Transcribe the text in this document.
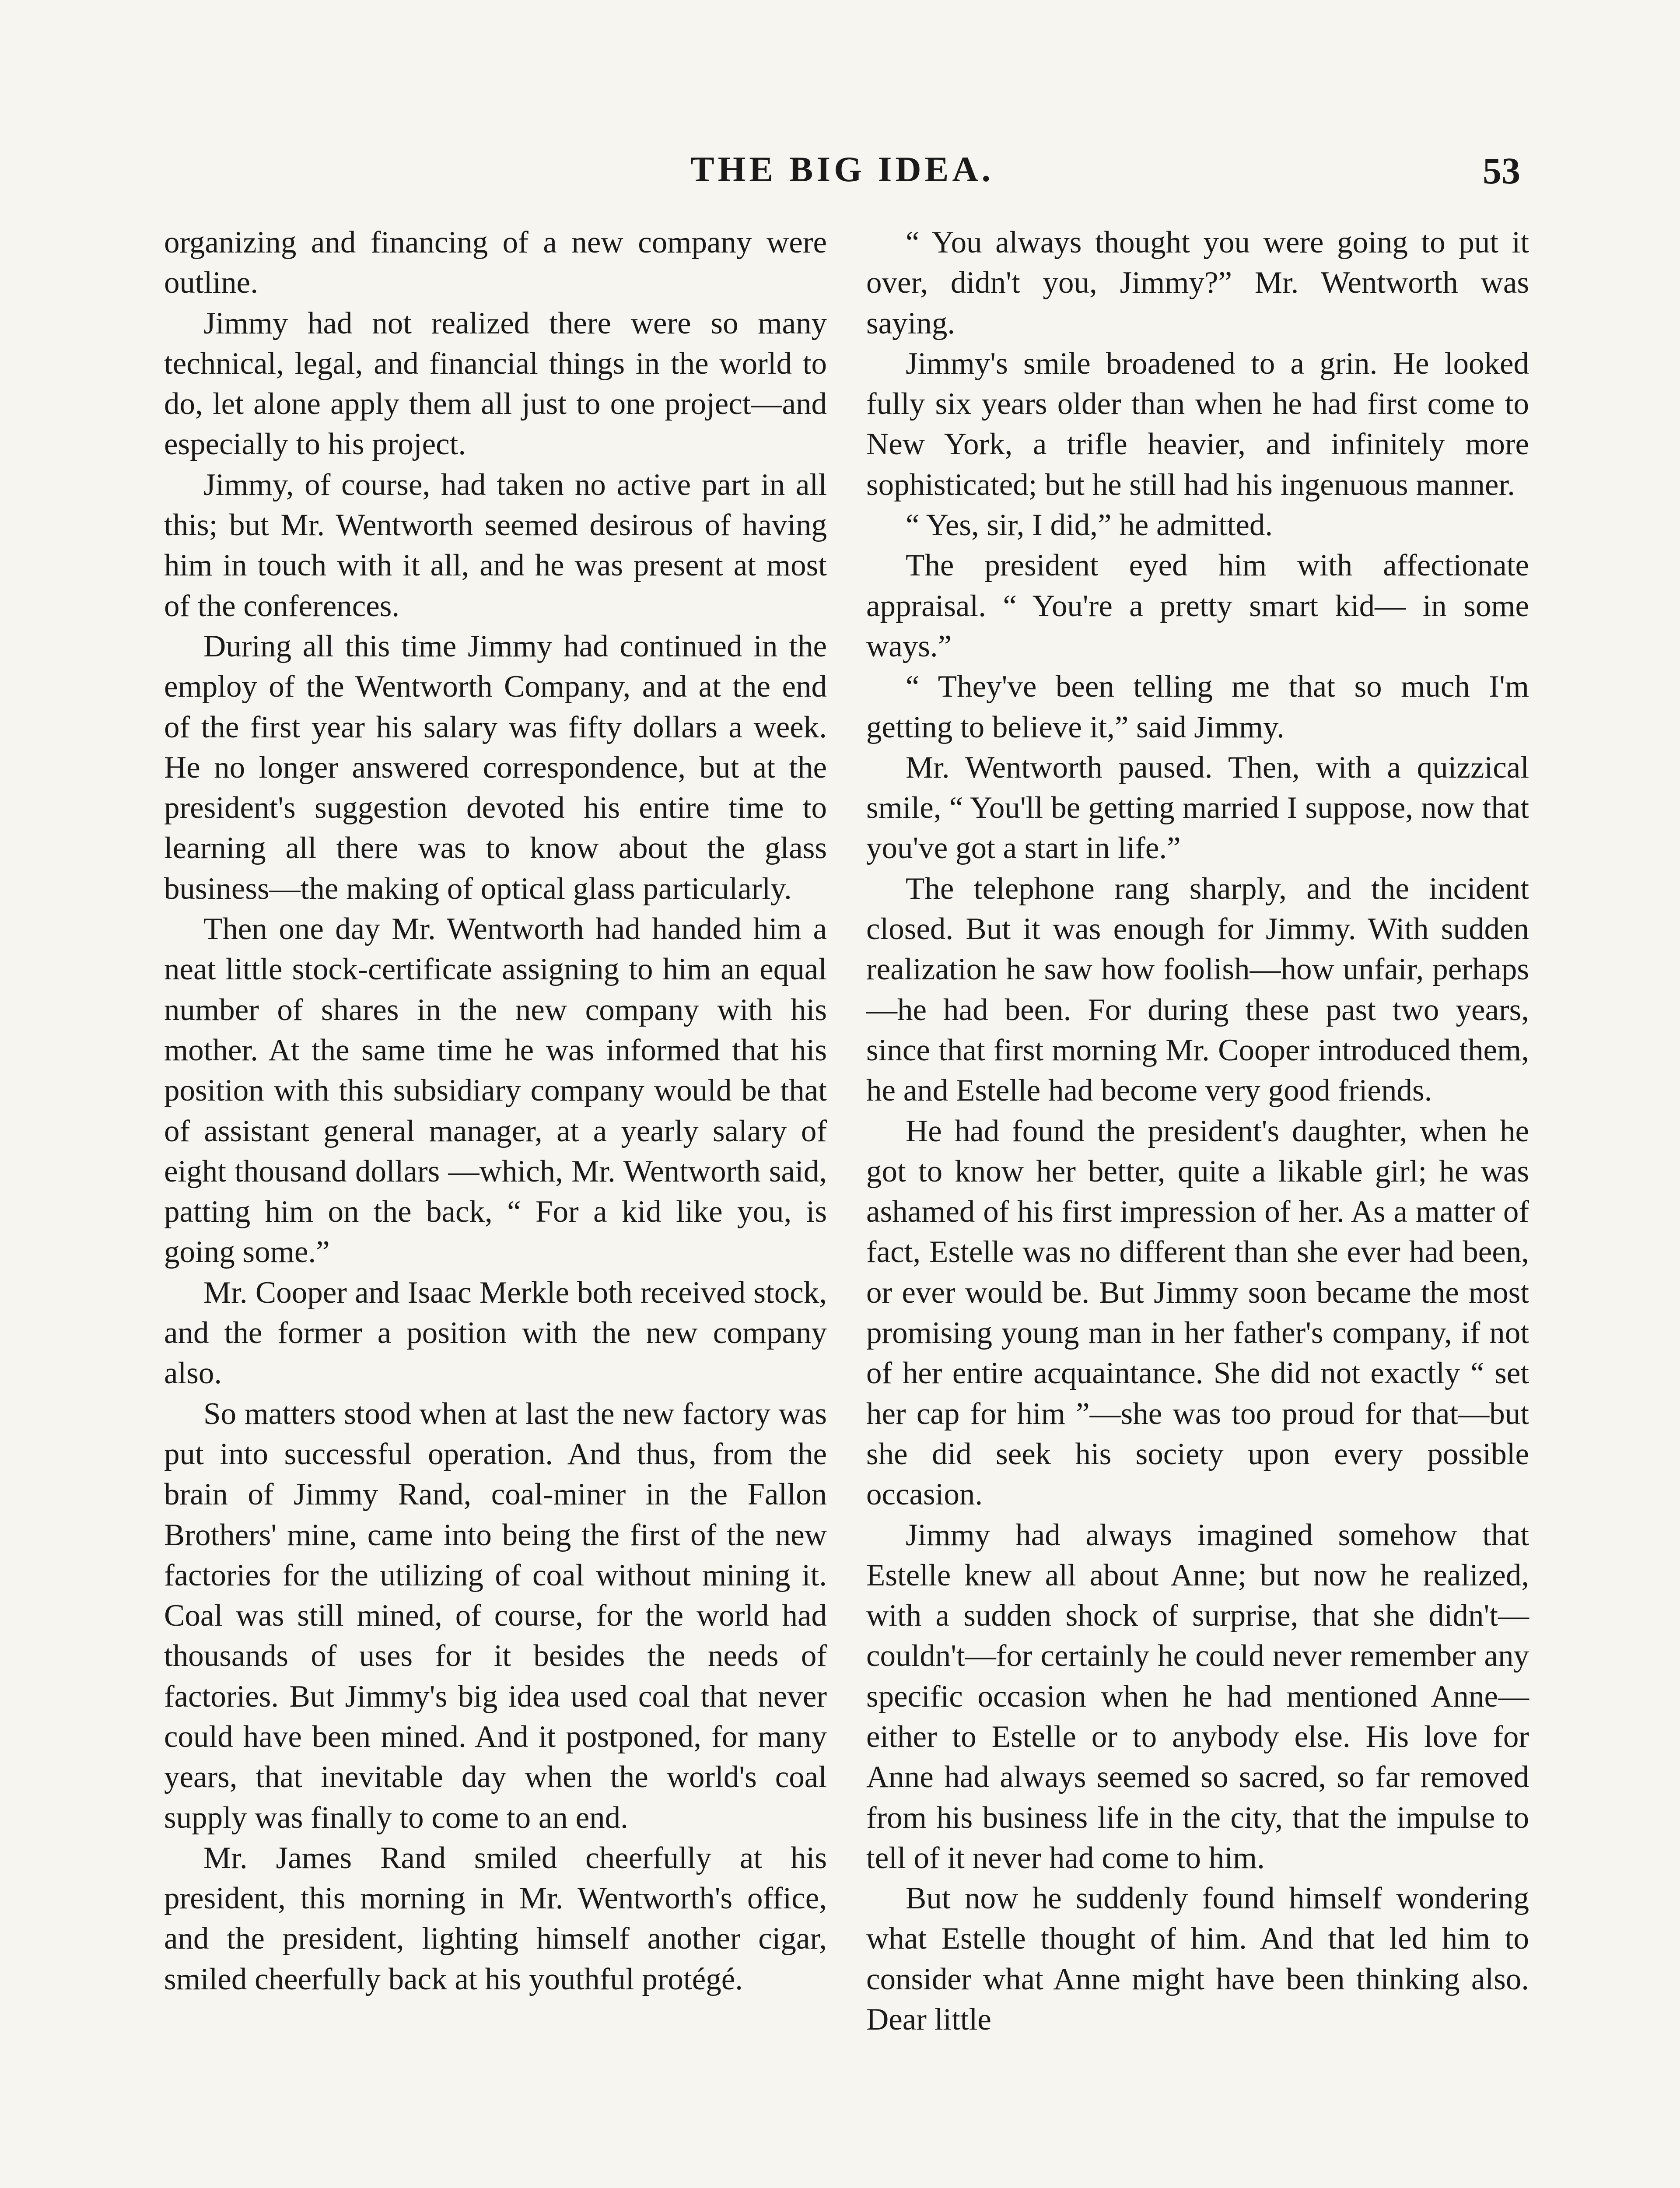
THE BIG IDEA.	53

organizing and financing of a new company were outline.

Jimmy had not realized there were so many technical, legal, and financial things in the world to do, let alone apply them all just to one project—and especially to his project.

Jimmy, of course, had taken no active part in all this; but Mr. Wentworth seemed desirous of having him in touch with it all, and he was present at most of the conferences.

During all this time Jimmy had continued in the employ of the Wentworth Company, and at the end of the first year his salary was fifty dollars a week. He no longer answered correspondence, but at the president's suggestion devoted his entire time to learning all there was to know about the glass business—the making of optical glass particularly.

Then one day Mr. Wentworth had handed him a neat little stock-certificate assigning to him an equal number of shares in the new company with his mother. At the same time he was informed that his position with this subsidiary company would be that of assistant general manager, at a yearly salary of eight thousand dollars —which, Mr. Wentworth said, patting him on the back, “ For a kid like you, is going some.”

Mr. Cooper and Isaac Merkle both received stock, and the former a position with the new company also.

So matters stood when at last the new factory was put into successful operation. And thus, from the brain of Jimmy Rand, coal-miner in the Fallon Brothers' mine, came into being the first of the new factories for the utilizing of coal without mining it. Coal was still mined, of course, for the world had thousands of uses for it besides the needs of factories. But Jimmy's big idea used coal that never could have been mined. And it postponed, for many years, that inevitable day when the world's coal supply was finally to come to an end.

Mr. James Rand smiled cheerfully at his president, this morning in Mr. Wentworth's office, and the president, lighting himself another cigar, smiled cheerfully back at his youthful protégé.

“ You always thought you were going to put it over, didn't you, Jimmy?” Mr. Wentworth was saying.

Jimmy's smile broadened to a grin. He looked fully six years older than when he had first come to New York, a trifle heavier, and infinitely more sophisticated; but he still had his ingenuous manner.

“ Yes, sir, I did,” he admitted.

The president eyed him with affectionate appraisal. “ You're a pretty smart kid— in some ways.”

“ They've been telling me that so much I'm getting to believe it,” said Jimmy.

Mr. Wentworth paused. Then, with a quizzical smile, “ You'll be getting married I suppose, now that you've got a start in life.”

The telephone rang sharply, and the incident closed. But it was enough for Jimmy. With sudden realization he saw how foolish—how unfair, perhaps—he had been. For during these past two years, since that first morning Mr. Cooper introduced them, he and Estelle had become very good friends.

He had found the president's daughter, when he got to know her better, quite a likable girl; he was ashamed of his first impression of her. As a matter of fact, Estelle was no different than she ever had been, or ever would be. But Jimmy soon became the most promising young man in her father's company, if not of her entire acquaintance. She did not exactly “ set her cap for him ”—she was too proud for that—but she did seek his society upon every possible occasion.

Jimmy had always imagined somehow that Estelle knew all about Anne; but now he realized, with a sudden shock of surprise, that she didn't—couldn't—for certainly he could never remember any specific occasion when he had mentioned Anne—either to Estelle or to anybody else. His love for Anne had always seemed so sacred, so far removed from his business life in the city, that the impulse to tell of it never had come to him.

But now he suddenly found himself wondering what Estelle thought of him. And that led him to consider what Anne might have been thinking also. Dear little
